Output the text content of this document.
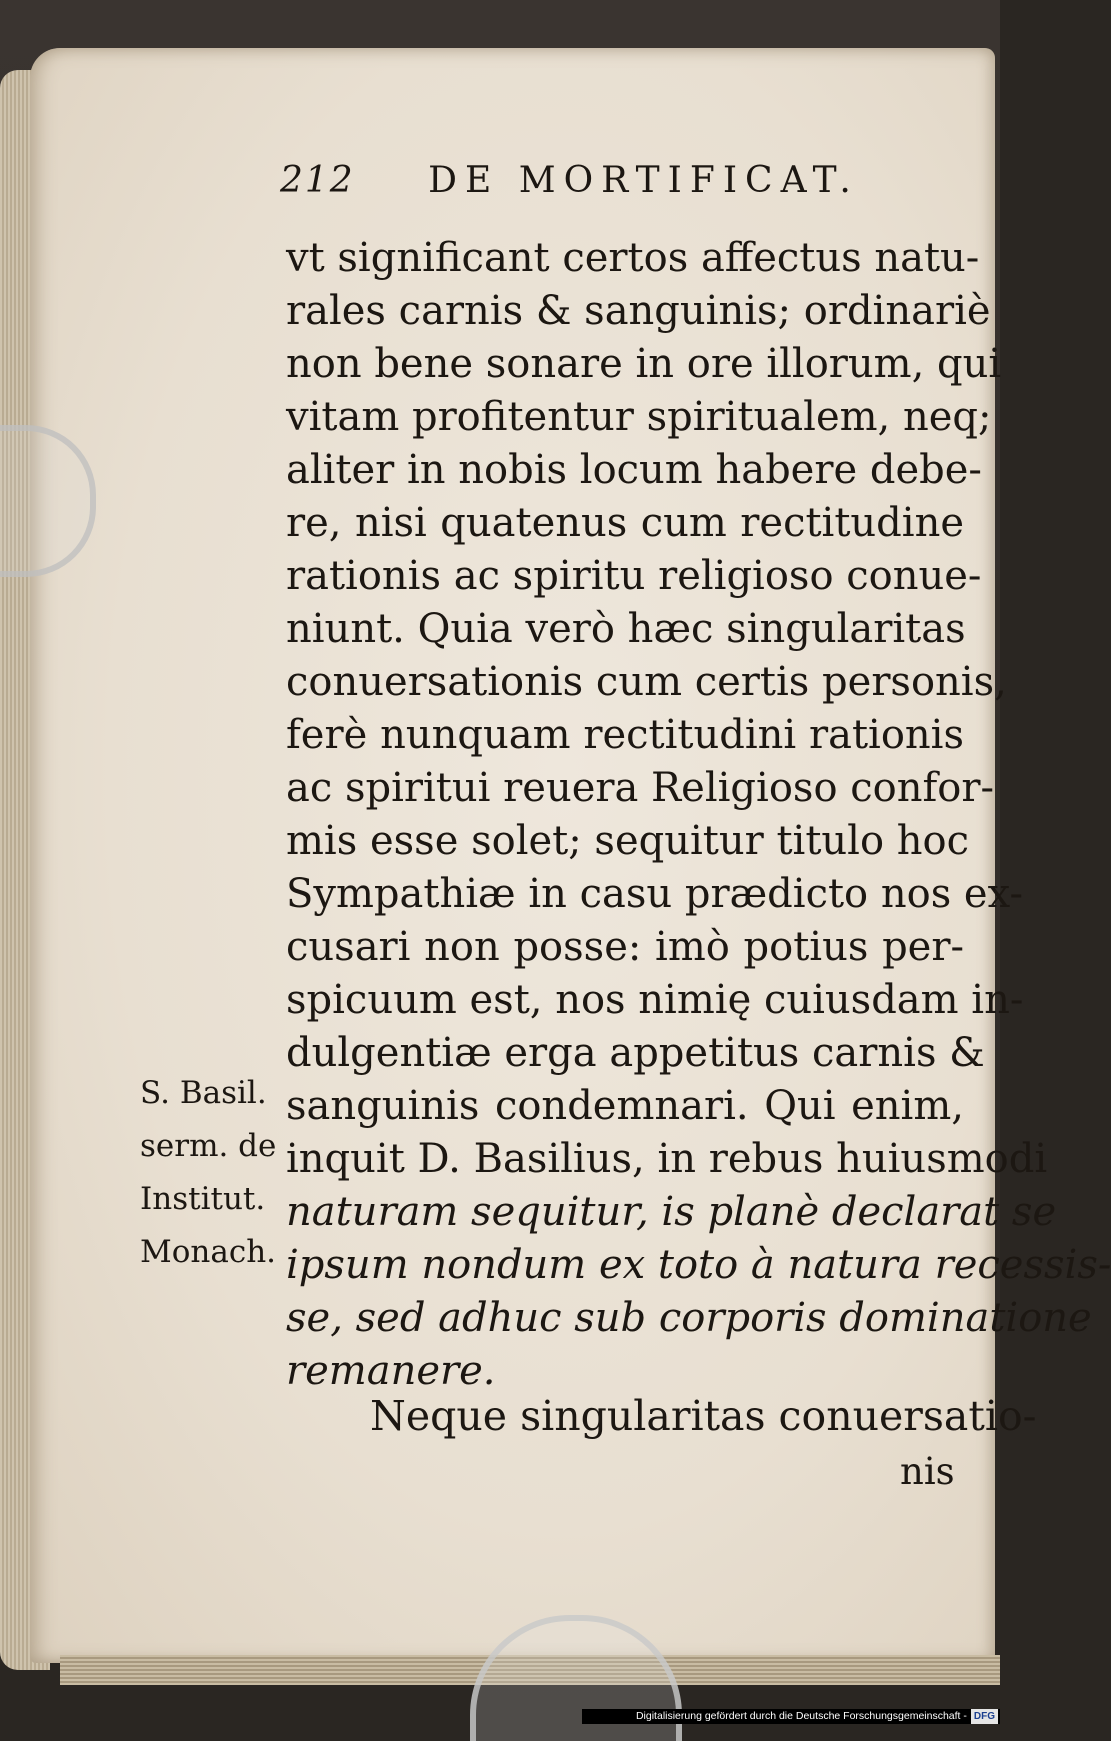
212 DE MORTIFICAT.
vt significant certos affectus natu-
rales carnis & sanguinis; ordinariè
non bene sonare in ore illorum, qui
vitam profitentur spiritualem, neq;
aliter in nobis locum habere debe-
re, nisi quatenus cum rectitudine
rationis ac spiritu religioso conue-
niunt. Quia verò hæc singularitas
conuersationis cum certis personis,
ferè nunquam rectitudini rationis
ac spiritui reuera Religioso confor-
mis esse solet; sequitur titulo hoc
Sympathiæ in casu prædicto nos ex-
cusari non posse: imò potius per-
spicuum est, nos nimię cuiusdam in-
dulgentiæ erga appetitus carnis &
sanguinis condemnari. Qui enim,
inquit D. Basilius, in rebus huiusmodi
naturam sequitur, is planè declarat se
ipsum nondum ex toto à natura recessis-
se, sed adhuc sub corporis dominatione
remanere.
S. Basil.
serm. de
Institut.
Monach.
Neque singularitas conuersatio-
nis
Digitalisierung gefördert durch die Deutsche Forschungsgemeinschaft - DFG
